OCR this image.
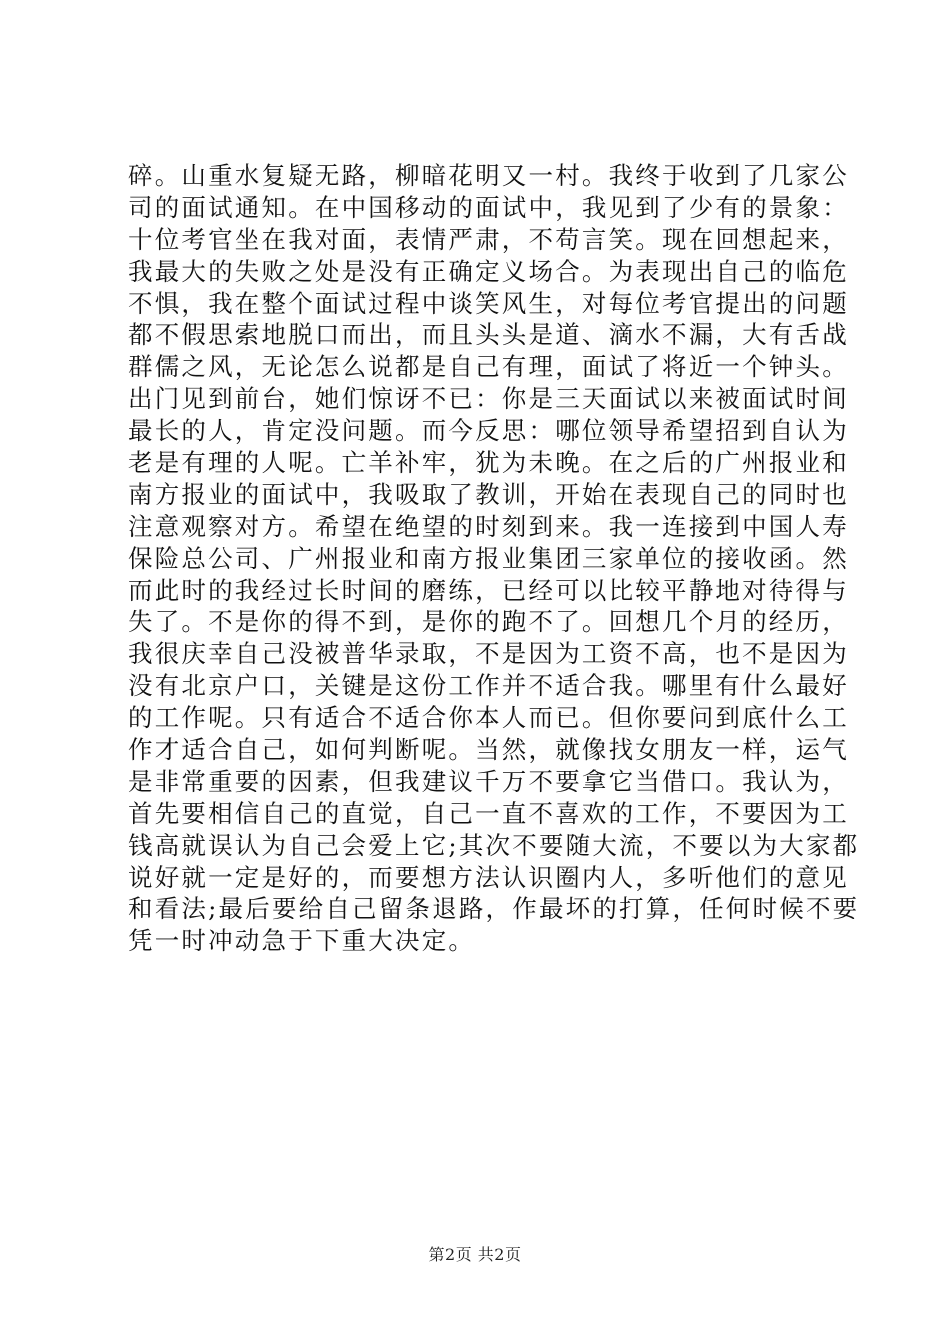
碎。山重水复疑无路，柳暗花明又一村。我终于收到了几家公
司的面试通知。在中国移动的面试中，我见到了少有的景象：
十位考官坐在我对面，表情严肃，不苟言笑。现在回想起来，
我最大的失败之处是没有正确定义场合。为表现出自己的临危
不惧，我在整个面试过程中谈笑风生，对每位考官提出的问题
都不假思索地脱口而出，而且头头是道、滴水不漏，大有舌战
群儒之风，无论怎么说都是自己有理，面试了将近一个钟头。
出门见到前台，她们惊讶不已：你是三天面试以来被面试时间
最长的人，肯定没问题。而今反思：哪位领导希望招到自认为
老是有理的人呢。亡羊补牢，犹为未晚。在之后的广州报业和
南方报业的面试中，我吸取了教训，开始在表现自己的同时也
注意观察对方。希望在绝望的时刻到来。我一连接到中国人寿
保险总公司、广州报业和南方报业集团三家单位的接收函。然
而此时的我经过长时间的磨练，已经可以比较平静地对待得与
失了。不是你的得不到，是你的跑不了。回想几个月的经历，
我很庆幸自己没被普华录取，不是因为工资不高，也不是因为
没有北京户口，关键是这份工作并不适合我。哪里有什么最好
的工作呢。只有适合不适合你本人而已。但你要问到底什么工
作才适合自己，如何判断呢。当然，就像找女朋友一样，运气
是非常重要的因素，但我建议千万不要拿它当借口。我认为，
首先要相信自己的直觉，自己一直不喜欢的工作，不要因为工
钱高就误认为自己会爱上它;其次不要随大流，不要以为大家都
说好就一定是好的，而要想方法认识圈内人，多听他们的意见
和看法;最后要给自己留条退路，作最坏的打算，任何时候不要
凭一时冲动急于下重大决定。
第2页 共2页
